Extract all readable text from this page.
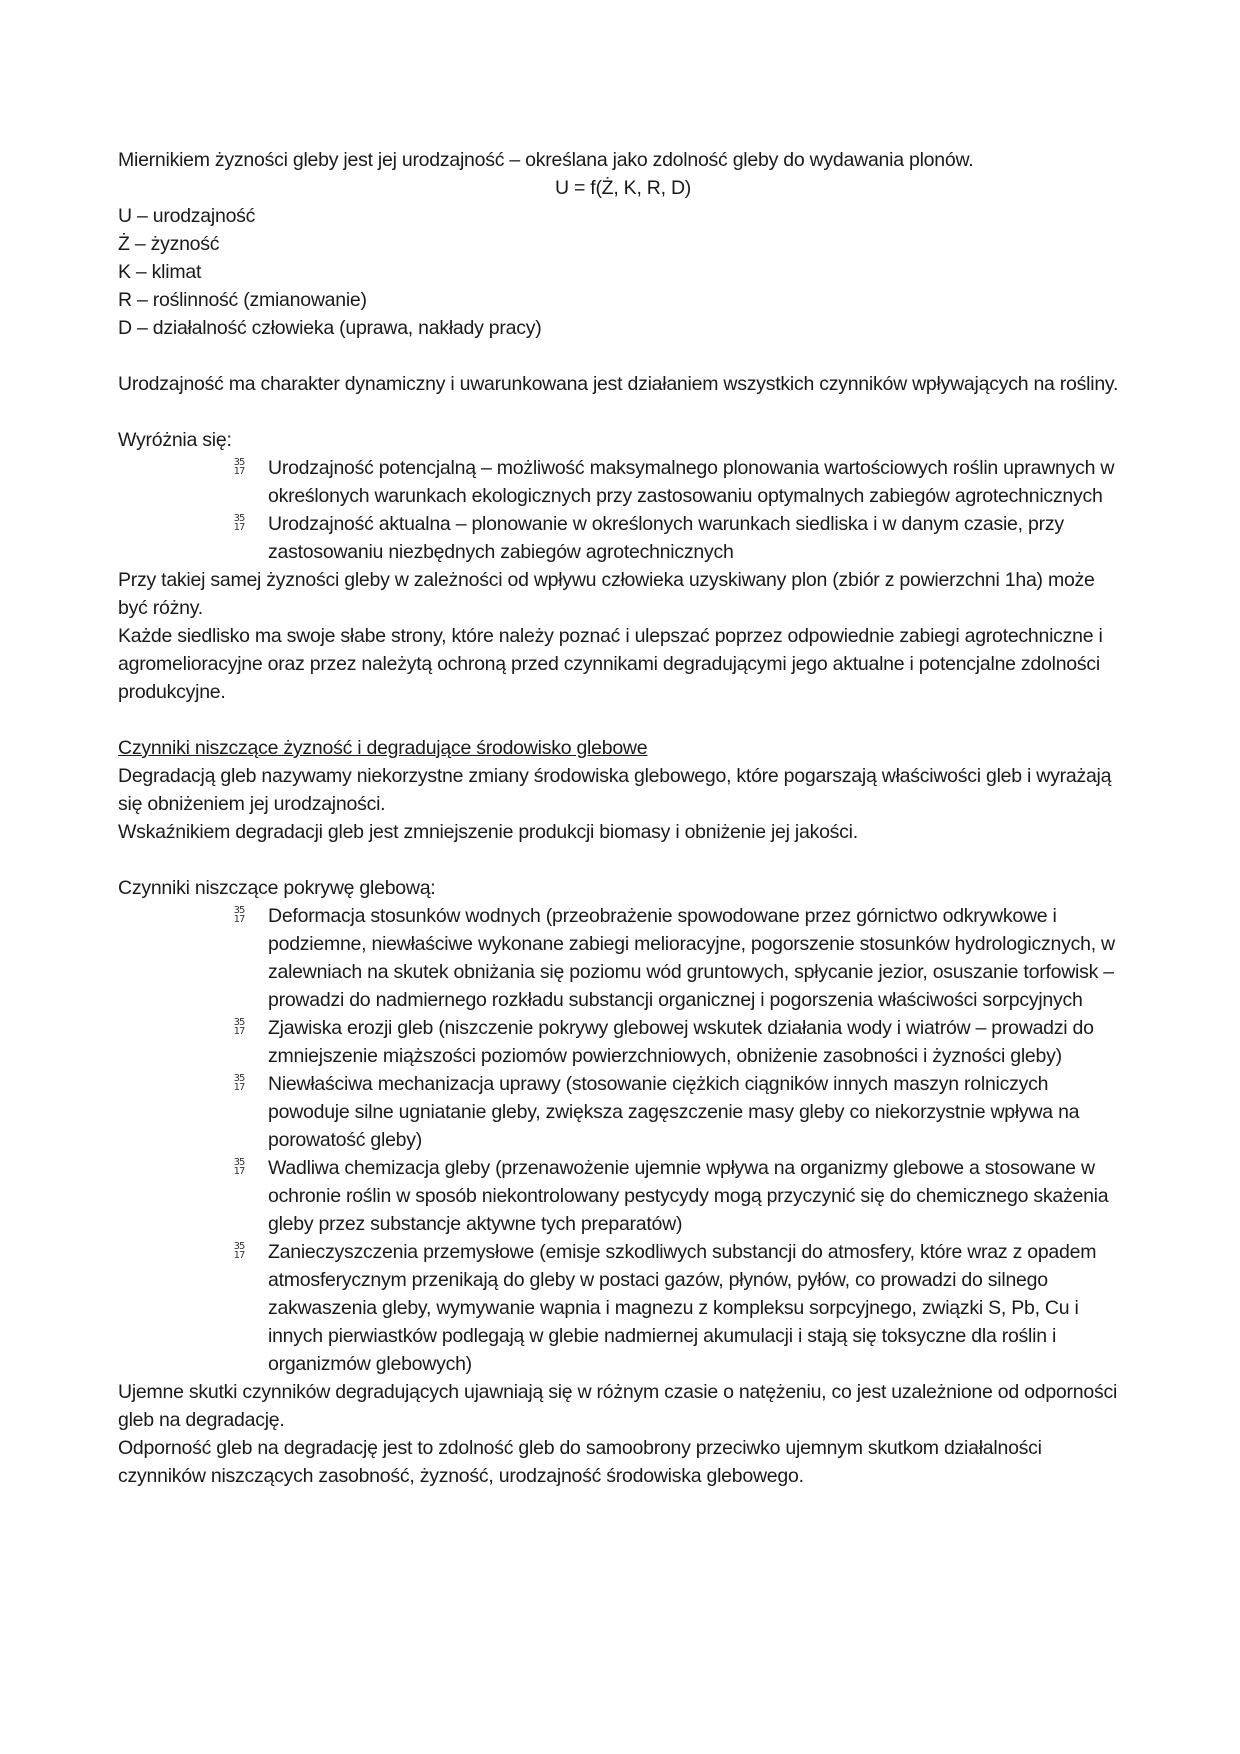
Miernikiem żyzności gleby jest jej urodzajność – określana jako zdolność gleby do wydawania plonów.

U = f(Ż, K, R, D)

U – urodzajność

Ż – żyzność

K – klimat

R – roślinność (zmianowanie)

D – działalność człowieka (uprawa, nakłady pracy)

Urodzajność ma charakter dynamiczny i uwarunkowana jest działaniem wszystkich czynników wpływających na rośliny.

Wyróżnia się:

35
17 Urodzajność potencjalną – możliwość maksymalnego plonowania wartościowych roślin uprawnych w określonych warunkach ekologicznych przy zastosowaniu optymalnych zabiegów agrotechnicznych
35
17 Urodzajność aktualna – plonowanie w określonych warunkach siedliska i w danym czasie, przy zastosowaniu niezbędnych zabiegów agrotechnicznych

Przy takiej samej żyzności gleby w zależności od wpływu człowieka uzyskiwany plon (zbiór z powierzchni 1ha) może być różny.

Każde siedlisko ma swoje słabe strony, które należy poznać i ulepszać poprzez odpowiednie zabiegi agrotechniczne i agromelioracyjne oraz przez należytą ochroną przed czynnikami degradującymi jego aktualne i potencjalne zdolności produkcyjne.

Czynniki niszczące żyzność i degradujące środowisko glebowe

Degradacją gleb nazywamy niekorzystne zmiany środowiska glebowego, które pogarszają właściwości gleb i wyrażają się obniżeniem jej urodzajności.

Wskaźnikiem degradacji gleb jest zmniejszenie produkcji biomasy i obniżenie jej jakości.

Czynniki niszczące pokrywę glebową:

35
17 Deformacja stosunków wodnych (przeobrażenie spowodowane przez górnictwo odkrywkowe i podziemne, niewłaściwe wykonane zabiegi melioracyjne, pogorszenie stosunków hydrologicznych, w zalewniach na skutek obniżania się poziomu wód gruntowych, spłycanie jezior, osuszanie torfowisk – prowadzi do nadmiernego rozkładu substancji organicznej i pogorszenia właściwości sorpcyjnych
35
17 Zjawiska erozji gleb (niszczenie pokrywy glebowej wskutek działania wody i wiatrów – prowadzi do zmniejszenie miąższości poziomów powierzchniowych, obniżenie zasobności i żyzności gleby)
35
17 Niewłaściwa mechanizacja uprawy (stosowanie ciężkich ciągników innych maszyn rolniczych powoduje silne ugniatanie gleby, zwiększa zagęszczenie masy gleby co niekorzystnie wpływa na porowatość gleby)
35
17 Wadliwa chemizacja gleby (przenawożenie ujemnie wpływa na organizmy glebowe a stosowane w ochronie roślin w sposób niekontrolowany pestycydy mogą przyczynić się do chemicznego skażenia gleby przez substancje aktywne tych preparatów)
35
17 Zanieczyszczenia przemysłowe (emisje szkodliwych substancji do atmosfery, które wraz z opadem atmosferycznym przenikają do gleby w postaci gazów, płynów, pyłów, co prowadzi do silnego zakwaszenia gleby, wymywanie wapnia i magnezu z kompleksu sorpcyjnego, związki S, Pb, Cu i innych pierwiastków podlegają w glebie nadmiernej akumulacji i stają się toksyczne dla roślin i organizmów glebowych)

Ujemne skutki czynników degradujących ujawniają się w różnym czasie o natężeniu, co jest uzależnione od odporności gleb na degradację.

Odporność gleb na degradację jest to zdolność gleb do samoobrony przeciwko ujemnym skutkom działalności czynników niszczących zasobność, żyzność, urodzajność środowiska glebowego.
